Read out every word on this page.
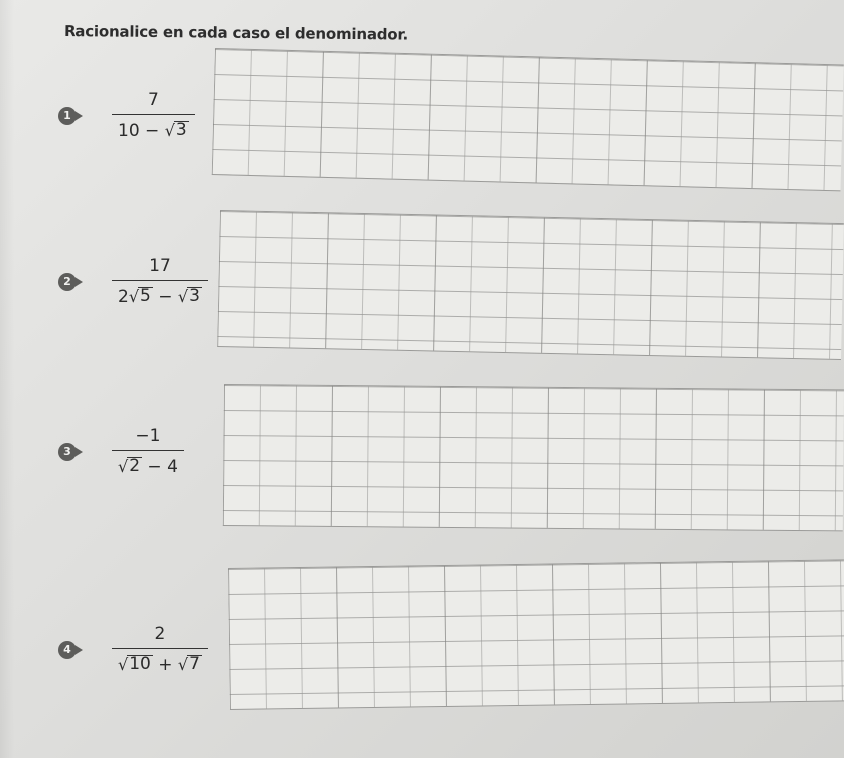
Racionalice en cada caso el denominador.
1	$\frac{7}{10 - √ 3}$
2	$\frac{17}{2 √ 5 - √ 3}$
3	$\frac{-1}{√ 2 - 4}$
4	$\frac{2}{√ 10 + √ 7}$
